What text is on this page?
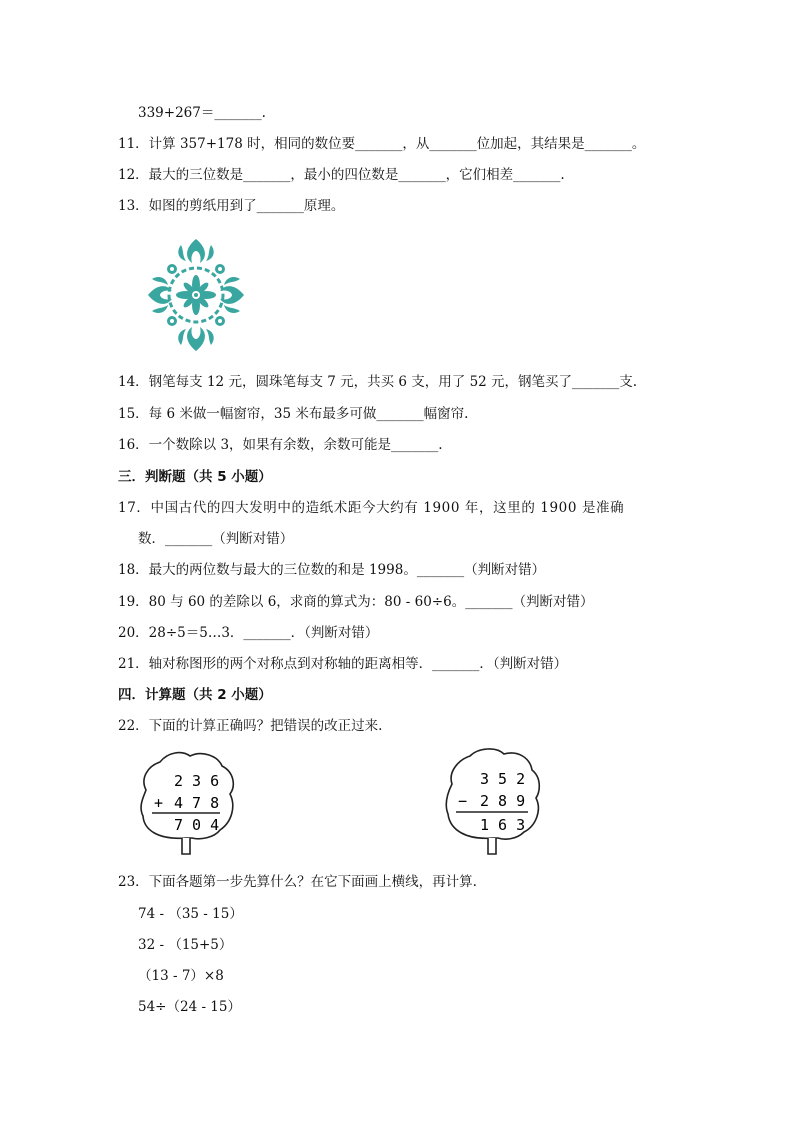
339+267＝_______.
11．计算 357+178 时，相同的数位要_______，从_______位加起，其结果是_______。
12．最大的三位数是_______，最小的四位数是_______，它们相差_______.
13．如图的剪纸用到了_______原理。
14．钢笔每支 12 元，圆珠笔每支 7 元，共买 6 支，用了 52 元，钢笔买了_______支.
15．每 6 米做一幅窗帘，35 米布最多可做_______幅窗帘.
16．一个数除以 3，如果有余数，余数可能是_______.
三．判断题（共 5 小题）
17．中国古代的四大发明中的造纸术距今大约有 1900 年，这里的 1900 是准确
数．_______（判断对错）
18．最大的两位数与最大的三位数的和是 1998。_______（判断对错）
19．80 与 60 的差除以 6，求商的算式为：80 - 60÷6。_______（判断对错）
20．28÷5＝5…3．_______．（判断对错）
21．轴对称图形的两个对称点到对称轴的距离相等．_______．（判断对错）
四．计算题（共 2 小题）
22．下面的计算正确吗？把错误的改正过来.
2 3 6
+ 4 7 8
7 0 4
3 5 2
− 2 8 9
1 6 3
23．下面各题第一步先算什么？在它下面画上横线，再计算.
74 - （35 - 15）
32 - （15+5）
（13 - 7）×8
54÷（24 - 15）
